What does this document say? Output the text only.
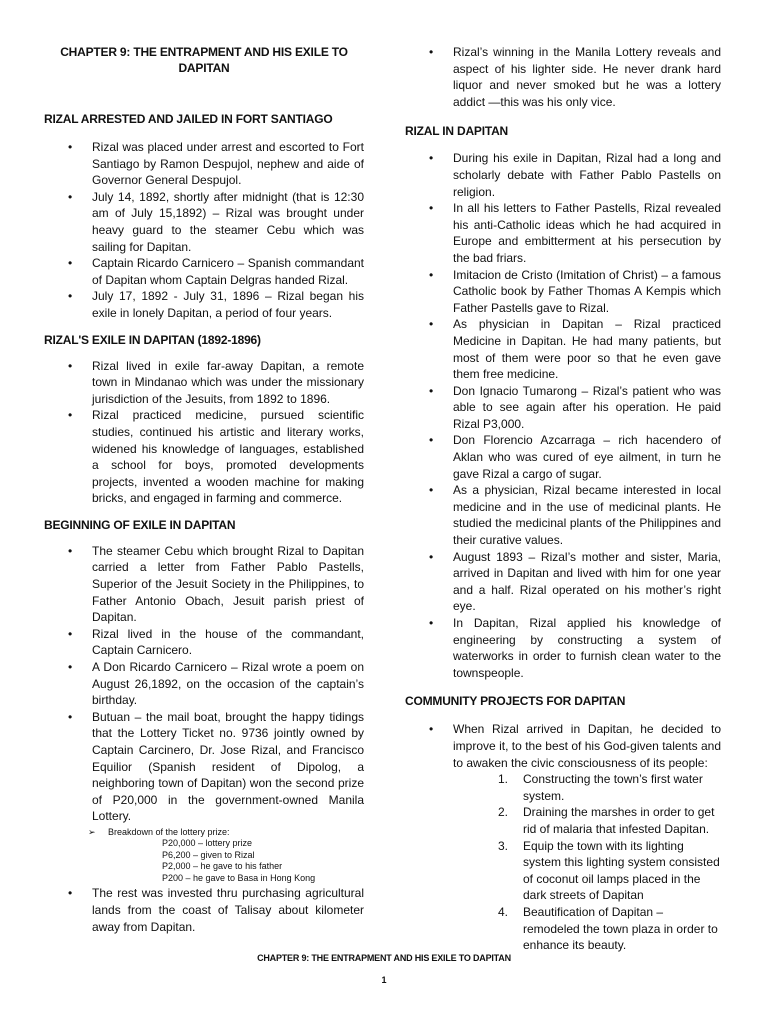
CHAPTER 9: THE ENTRAPMENT AND HIS EXILE TO DAPITAN
RIZAL ARRESTED AND JAILED IN FORT SANTIAGO
• Rizal was placed under arrest and escorted to Fort Santiago by Ramon Despujol, nephew and aide of Governor General Despujol.
• July 14, 1892, shortly after midnight (that is 12:30 am of July 15,1892) – Rizal was brought under heavy guard to the steamer Cebu which was sailing for Dapitan.
• Captain Ricardo Carnicero – Spanish commandant of Dapitan whom Captain Delgras handed Rizal.
• July 17, 1892 - July 31, 1896 – Rizal began his exile in lonely Dapitan, a period of four years.
RIZAL'S EXILE IN DAPITAN (1892-1896)
• Rizal lived in exile far-away Dapitan, a remote town in Mindanao which was under the missionary jurisdiction of the Jesuits, from 1892 to 1896.
• Rizal practiced medicine, pursued scientific studies, continued his artistic and literary works, widened his knowledge of languages, established a school for boys, promoted developments projects, invented a wooden machine for making bricks, and engaged in farming and commerce.
BEGINNING OF EXILE IN DAPITAN
• The steamer Cebu which brought Rizal to Dapitan carried a letter from Father Pablo Pastells, Superior of the Jesuit Society in the Philippines, to Father Antonio Obach, Jesuit parish priest of Dapitan.
• Rizal lived in the house of the commandant, Captain Carnicero.
• A Don Ricardo Carnicero – Rizal wrote a poem on August 26,1892, on the occasion of the captain’s birthday.
• Butuan – the mail boat, brought the happy tidings that the Lottery Ticket no. 9736 jointly owned by Captain Carcinero, Dr. Jose Rizal, and Francisco Equilior (Spanish resident of Dipolog, a neighboring town of Dapitan) won the second prize of P20,000 in the government-owned Manila Lottery.
➢ Breakdown of the lottery prize:
P20,000 – lottery prize
P6,200 – given to Rizal
P2,000 – he gave to his father
P200 – he gave to Basa in Hong Kong
• The rest was invested thru purchasing agricultural lands from the coast of Talisay about kilometer away from Dapitan.
• Rizal’s winning in the Manila Lottery reveals and aspect of his lighter side. He never drank hard liquor and never smoked but he was a lottery addict —this was his only vice.
RIZAL IN DAPITAN
• During his exile in Dapitan, Rizal had a long and scholarly debate with Father Pablo Pastells on religion.
• In all his letters to Father Pastells, Rizal revealed his anti-Catholic ideas which he had acquired in Europe and embitterment at his persecution by the bad friars.
• Imitacion de Cristo (Imitation of Christ) – a famous Catholic book by Father Thomas A Kempis which Father Pastells gave to Rizal.
• As physician in Dapitan – Rizal practiced Medicine in Dapitan. He had many patients, but most of them were poor so that he even gave them free medicine.
• Don Ignacio Tumarong – Rizal’s patient who was able to see again after his operation. He paid Rizal P3,000.
• Don Florencio Azcarraga – rich hacendero of Aklan who was cured of eye ailment, in turn he gave Rizal a cargo of sugar.
• As a physician, Rizal became interested in local medicine and in the use of medicinal plants. He studied the medicinal plants of the Philippines and their curative values.
• August 1893 – Rizal’s mother and sister, Maria, arrived in Dapitan and lived with him for one year and a half. Rizal operated on his mother’s right eye.
• In Dapitan, Rizal applied his knowledge of engineering by constructing a system of waterworks in order to furnish clean water to the townspeople.
COMMUNITY PROJECTS FOR DAPITAN
• When Rizal arrived in Dapitan, he decided to improve it, to the best of his God-given talents and to awaken the civic consciousness of its people:
1. Constructing the town’s first water system.
2. Draining the marshes in order to get rid of malaria that infested Dapitan.
3. Equip the town with its lighting system this lighting system consisted of coconut oil lamps placed in the dark streets of Dapitan
4. Beautification of Dapitan – remodeled the town plaza in order to enhance its beauty.
CHAPTER 9: THE ENTRAPMENT AND HIS EXILE TO DAPITAN
1
